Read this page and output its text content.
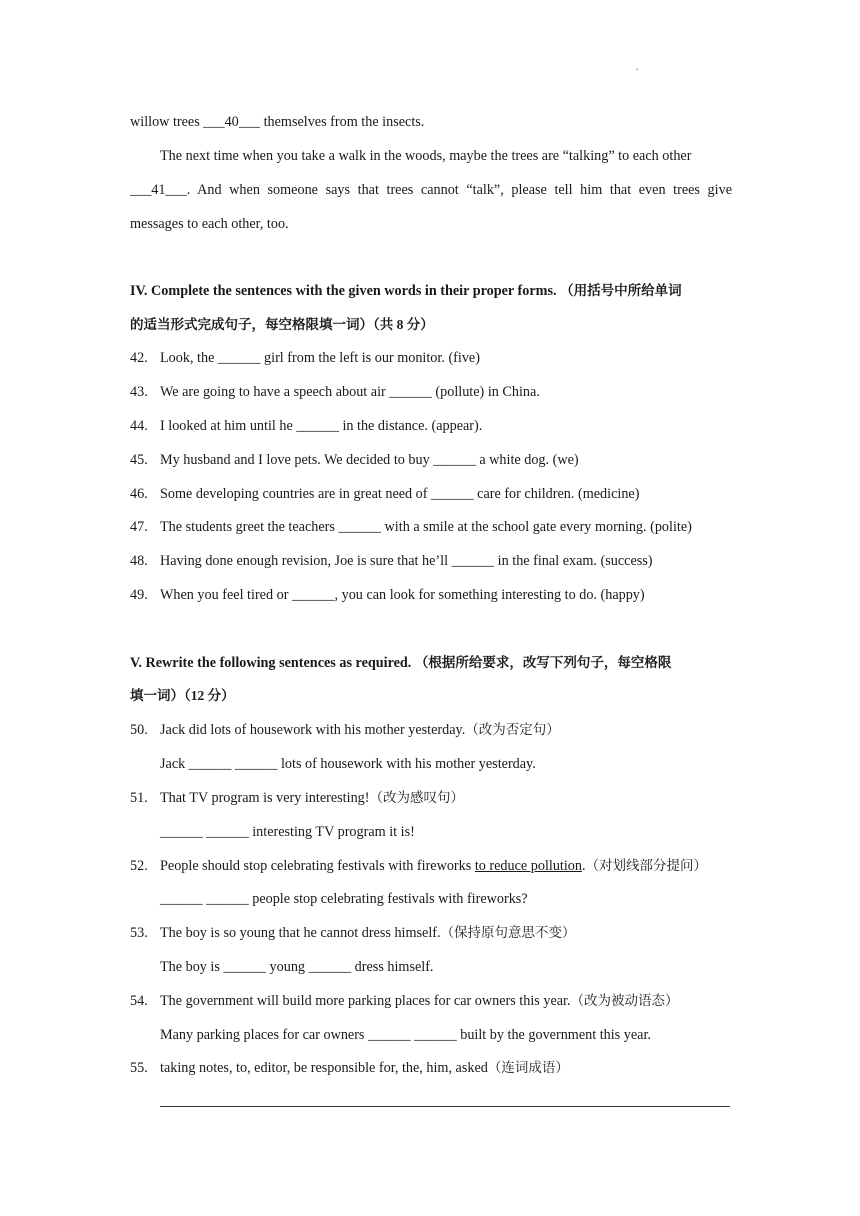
.
willow trees ___40___ themselves from the insects.
The next time when you take a walk in the woods, maybe the trees are “talking” to each other
___41___. And when someone says that trees cannot “talk”, please tell him that even trees give
messages to each other, too.
IV. Complete the sentences with the given words in their proper forms. （用括号中所给单词
的适当形式完成句子，每空格限填一词）（共 8 分）
42. Look, the ______ girl from the left is our monitor. (five)
43. We are going to have a speech about air ______ (pollute) in China.
44. I looked at him until he ______ in the distance. (appear).
45. My husband and I love pets. We decided to buy ______ a white dog. (we)
46. Some developing countries are in great need of ______ care for children. (medicine)
47. The students greet the teachers ______ with a smile at the school gate every morning. (polite)
48. Having done enough revision, Joe is sure that he’ll ______ in the final exam. (success)
49. When you feel tired or ______, you can look for something interesting to do. (happy)
V. Rewrite the following sentences as required. （根据所给要求，改写下列句子，每空格限
填一词）（12 分）
50. Jack did lots of housework with his mother yesterday.（改为否定句）
Jack ______ ______ lots of housework with his mother yesterday.
51. That TV program is very interesting!（改为感叹句）
______ ______ interesting TV program it is!
52. People should stop celebrating festivals with fireworks to reduce pollution.（对划线部分提问）
______ ______ people stop celebrating festivals with fireworks?
53. The boy is so young that he cannot dress himself.（保持原句意思不变）
The boy is ______ young ______ dress himself.
54. The government will build more parking places for car owners this year.（改为被动语态）
Many parking places for car owners ______ ______ built by the government this year.
55. taking notes, to, editor, be responsible for, the, him, asked（连词成语）
